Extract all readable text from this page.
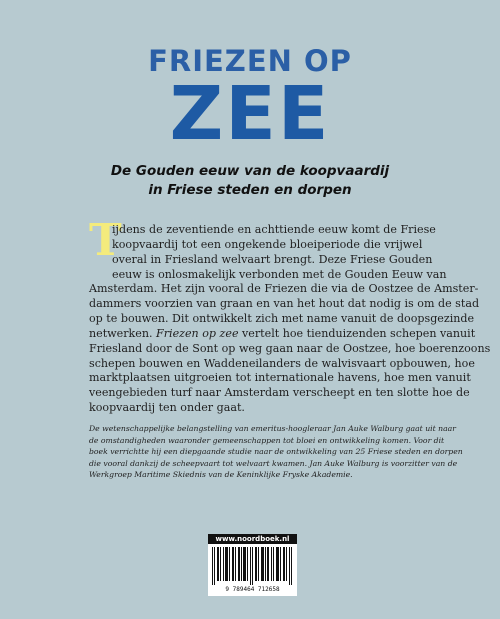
FRIEZEN OP
ZEE
De Gouden eeuw van de koopvaardij
in Friese steden en dorpen
T
ijdens de zeventiende en achttiende eeuw komt de Friese
koopvaardij tot een ongekende bloeiperiode die vrijwel
overal in Friesland welvaart brengt. Deze Friese Gouden
eeuw is onlosmakelijk verbonden met de Gouden Eeuw van
Amsterdam. Het zijn vooral de Friezen die via de Oostzee de Amster-
dammers voorzien van graan en van het hout dat nodig is om de stad
op te bouwen. Dit ontwikkelt zich met name vanuit de doopsgezinde
netwerken. Friezen op zee vertelt hoe tienduizenden schepen vanuit
Friesland door de Sont op weg gaan naar de Oostzee, hoe boerenzoons
schepen bouwen en Waddeneilanders de walvisvaart opbouwen, hoe
marktplaatsen uitgroeien tot internationale havens, hoe men vanuit
veengebieden turf naar Amsterdam verscheept en ten slotte hoe de
koopvaardij ten onder gaat.
De wetenschappelijke belangstelling van emeritus-hoogleraar Jan Auke Walburg gaat uit naar
de omstandigheden waaronder gemeenschappen tot bloei en ontwikkeling komen. Voor dit
boek verrichtte hij een diepgaande studie naar de ontwikkeling van 25 Friese steden en dorpen
die vooral dankzij de scheepvaart tot welvaart kwamen. Jan Auke Walburg is voorzitter van de
Werkgroep Maritime Skiednis van de Keninklijke Fryske Akademie.
www.noordboek.nl
9 789464 712658
